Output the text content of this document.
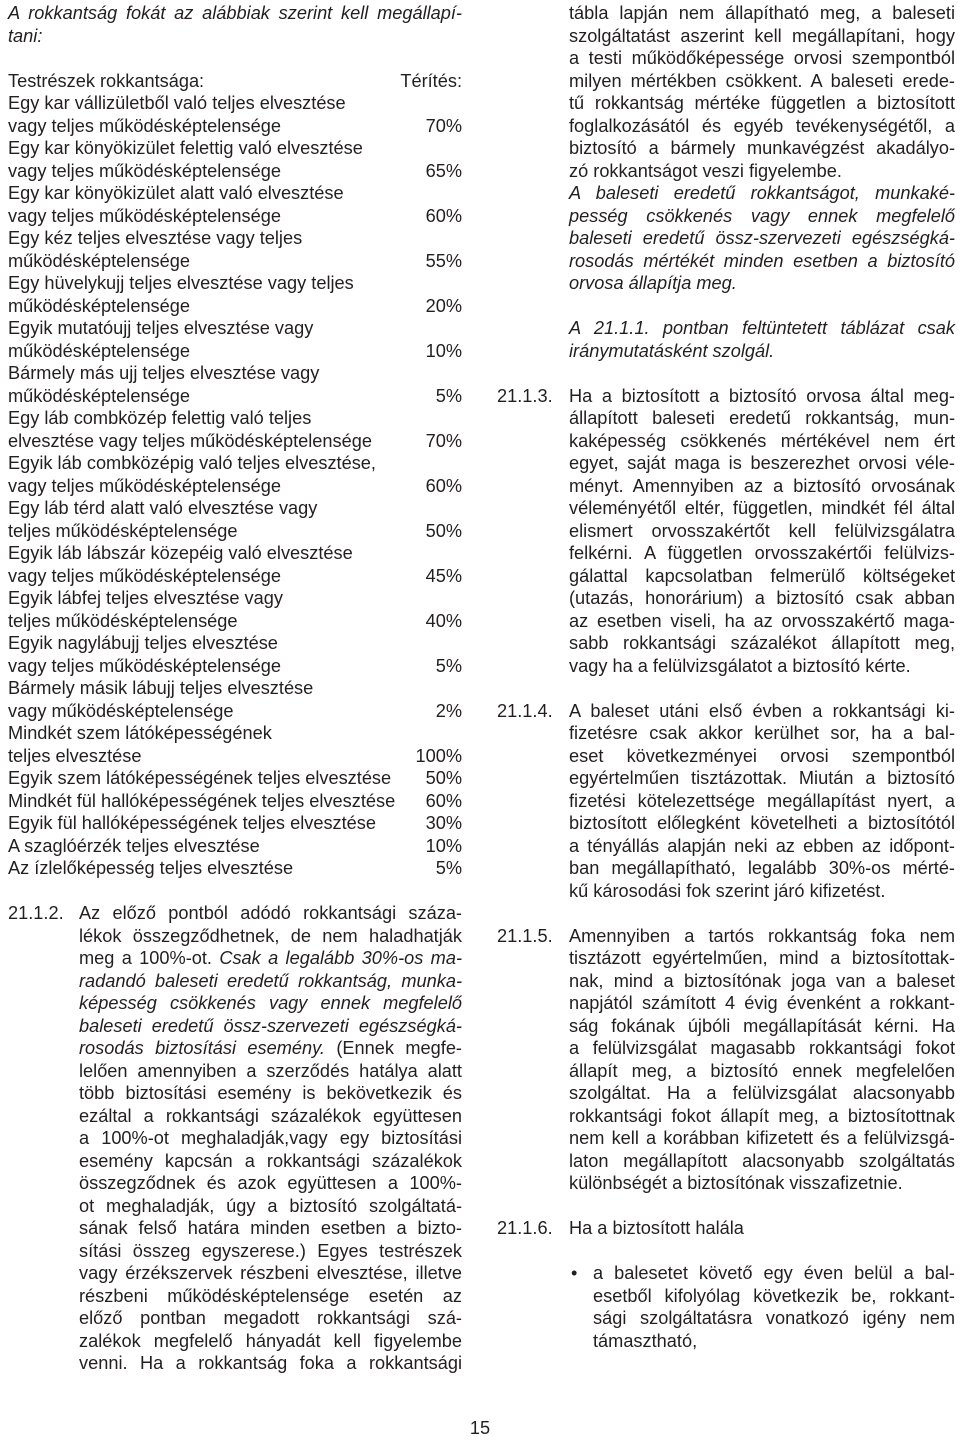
A rokkantság fokát az alábbiak szerint kell megállapí-
tani:
Testrészek rokkantsága:	Térítés:
Egy kar vállizületből való teljes elvesztése
vagy teljes működésképtelensége	70%
Egy kar könyökizület felettig való elvesztése
vagy teljes működésképtelensége	65%
Egy kar könyökizület alatt való elvesztése
vagy teljes működésképtelensége	60%
Egy kéz teljes elvesztése vagy teljes
működésképtelensége	55%
Egy hüvelykujj teljes elvesztése vagy teljes
működésképtelensége	20%
Egyik mutatóujj teljes elvesztése vagy
működésképtelensége	10%
Bármely más ujj teljes elvesztése vagy
működésképtelensége	5%
Egy láb combközép felettig való teljes
elvesztése vagy teljes működésképtelensége	70%
Egyik láb combközépig való teljes elvesztése,
vagy teljes működésképtelensége	60%
Egy láb térd alatt való elvesztése vagy
teljes működésképtelensége	50%
Egyik láb lábszár közepéig való elvesztése
vagy teljes működésképtelensége	45%
Egyik lábfej teljes elvesztése vagy
teljes működésképtelensége	40%
Egyik nagylábujj teljes elvesztése
vagy teljes működésképtelensége	5%
Bármely másik lábujj teljes elvesztése
vagy működésképtelensége	2%
Mindkét szem látóképességének
teljes elvesztése	100%
Egyik szem látóképességének teljes elvesztése 50%
Mindkét fül hallóképességének teljes elvesztése 60%
Egyik fül hallóképességének teljes elvesztése	30%
A szaglóérzék teljes elvesztése	10%
Az ízlelőképesség teljes elvesztése	5%
21.1.2. Az előző pontból adódó rokkantsági száza-
lékok összegződhetnek, de nem haladhatják
meg a 100%-ot. Csak a legalább 30%-os ma-
radandó baleseti eredetű rokkantság, munka-
képesség csökkenés vagy ennek megfelelő
baleseti eredetű össz-szervezeti egészségká-
rosodás biztosítási esemény. (Ennek megfe-
lelően amennyiben a szerződés hatálya alatt
több biztosítási esemény is bekövetkezik és
ezáltal a rokkantsági százalékok együttesen
a 100%-ot meghaladják,vagy egy biztosítási
esemény kapcsán a rokkantsági százalékok
összegződnek és azok együttesen a 100%-
ot meghaladják, úgy a biztosító szolgáltatá-
sának felső határa minden esetben a bizto-
sítási összeg egyszerese.) Egyes testrészek
vagy érzékszervek részbeni elvesztése, illetve
részbeni működésképtelensége esetén az
előző pontban megadott rokkantsági szá-
zalékok megfelelő hányadát kell figyelembe
venni. Ha a rokkantság foka a rokkantsági
tábla lapján nem állapítható meg, a baleseti
szolgáltatást aszerint kell megállapítani, hogy
a testi működőképessége orvosi szempontból
milyen mértékben csökkent. A baleseti erede-
tű rokkantság mértéke független a biztosított
foglalkozásától és egyéb tevékenységétől, a
biztosító a bármely munkavégzést akadályo-
zó rokkantságot veszi figyelembe.
A baleseti eredetű rokkantságot, munkaké-
pesség csökkenés vagy ennek megfelelő
baleseti eredetű össz-szervezeti egészségká-
rosodás mértékét minden esetben a biztosító
orvosa állapítja meg.
A 21.1.1. pontban feltüntetett táblázat csak
iránymutatásként szolgál.
21.1.3. Ha a biztosított a biztosító orvosa által meg-
állapított baleseti eredetű rokkantság, mun-
kaképesség csökkenés mértékével nem ért
egyet, saját maga is beszerezhet orvosi véle-
ményt. Amennyiben az a biztosító orvosának
véleményétől eltér, független, mindkét fél által
elismert orvosszakértőt kell felülvizsgálatra
felkérni. A független orvosszakértői felülvizs-
gálattal kapcsolatban felmerülő költségeket
(utazás, honorárium) a biztosító csak abban
az esetben viseli, ha az orvosszakértő maga-
sabb rokkantsági százalékot állapított meg,
vagy ha a felülvizsgálatot a biztosító kérte.
21.1.4. A baleset utáni első évben a rokkantsági ki-
fizetésre csak akkor kerülhet sor, ha a bal-
eset következményei orvosi szempontból
egyértelműen tisztázottak. Miután a biztosító
fizetési kötelezettsége megállapítást nyert, a
biztosított előlegként követelheti a biztosítótól
a tényállás alapján neki az ebben az időpont-
ban megállapítható, legalább 30%-os mérté-
kű károsodási fok szerint járó kifizetést.
21.1.5. Amennyiben a tartós rokkantság foka nem
tisztázott egyértelműen, mind a biztosítottak-
nak, mind a biztosítónak joga van a baleset
napjától számított 4 évig évenként a rokkant-
ság fokának újbóli megállapítását kérni. Ha
a felülvizsgálat magasabb rokkantsági fokot
állapít meg, a biztosító ennek megfelelően
szolgáltat. Ha a felülvizsgálat alacsonyabb
rokkantsági fokot állapít meg, a biztosítottnak
nem kell a korábban kifizetett és a felülvizsgá-
laton megállapított alacsonyabb szolgáltatás
különbségét a biztosítónak visszafizetnie.
21.1.6. Ha a biztosított halála
• a balesetet követő egy éven belül a bal-
esetből kifolyólag következik be, rokkant-
sági szolgáltatásra vonatkozó igény nem
támasztható,
15
